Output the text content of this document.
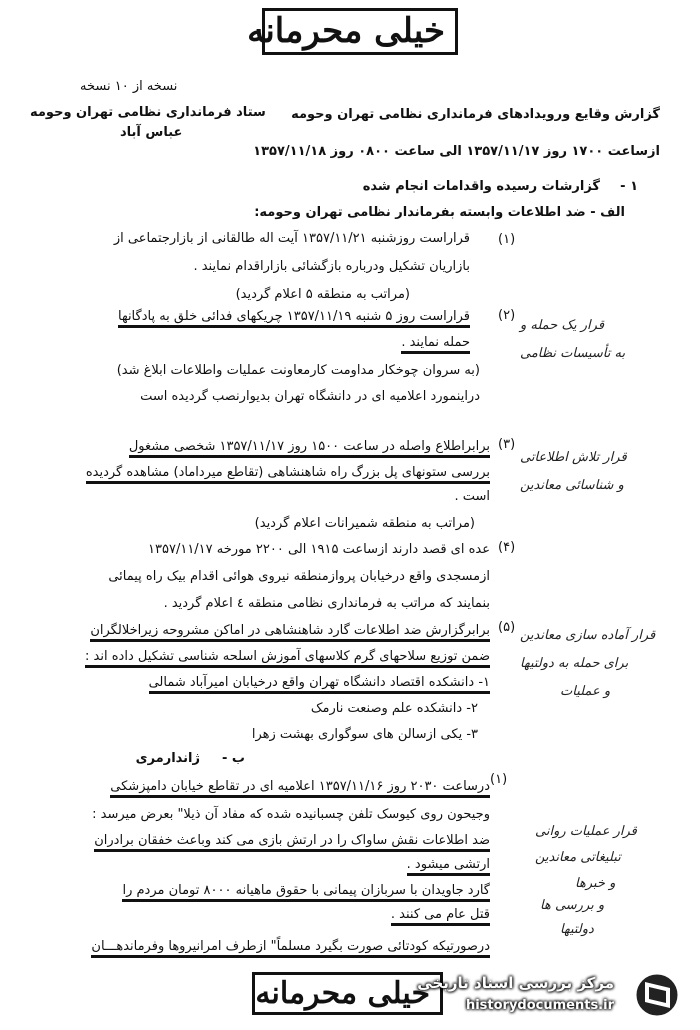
خیلی محرمانه
نسخه از ۱۰ نسخه
ستاد فرمانداری نظامی تهران وحومه
عباس آباد
گزارش وقایع ورویدادهای فرمانداری نظامی تهران وحومه
ازساعت ۱۷۰۰ روز ۱۳۵۷/۱۱/۱۷ الی ساعت ۰۸۰۰ روز ۱۳۵۷/۱۱/۱۸
۱ -
گزارشات رسیده واقدامات انجام شده
الف - ضد اطلاعات وابسته بفرماندار نظامی تهران وحومه:
(۱)
قراراست روزشنبه ۱۳۵۷/۱۱/۲۱ آیت اله طالقانی از بازارجتماعی از
بازاریان تشکیل ودرباره بازگشائی بازاراقدام نمایند .
(مراتب به منطقه ۵ اعلام گردید)
(۲)
قراراست روز ۵ شنبه ۱۳۵۷/۱۱/۱۹ چریکهای فدائی خلق به پادگانها
حمله نمایند .
(به سروان چوخکار مداومت کارمعاونت عملیات واطلاعات ابلاغ شد)
دراینمورد اعلامیه ای در دانشگاه تهران بدیوارنصب گردیده است
(۳)
برابراطلاع واصله در ساعت ۱۵۰۰ روز ۱۳۵۷/۱۱/۱۷ شخصی مشغول
بررسی ستونهای پل بزرگ راه شاهنشاهی (تقاطع میرداماد) مشاهده گردیده
است .
(مراتب به منطقه شمیرانات اعلام گردید)
(۴)
عده ای قصد دارند ازساعت ۱۹۱۵ الی ۲۲۰۰ مورخه ۱۳۵۷/۱۱/۱۷
ازمسجدی واقع درخیابان پروازمنطقه نیروی هوائی اقدام بیک راه پیمائی
بنمایند که مراتب به فرمانداری نظامی منطقه ٤ اعلام گردید .
(۵)
برابرگزارش ضد اطلاعات گارد شاهنشاهی در اماکن مشروحه زیراخلالگران
ضمن توزیع سلاحهای گرم کلاسهای آموزش اسلحه شناسی تشکیل داده اند :
۱- دانشکده اقتصاد دانشگاه تهران واقع درخیابان امیرآباد شمالی
۲- دانشکده علم وصنعت نارمک
۳- یکی ازسالن های سوگواری بهشت زهرا
ب -
ژاندارمری
(۱)
درساعت ۲۰۳۰ روز ۱۳۵۷/۱۱/۱۶ اعلامیه ای در تقاطع خیابان دامپزشکی
وجیحون روی کیوسک تلفن چسبانیده شده که مفاد آن ذیلا" بعرض میرسد :
ضد اطلاعات نقش ساواک را در ارتش بازی می کند وباعث خفقان برادران
ارتشی میشود .
گارد جاویدان با سربازان پیمانی با حقوق ماهیانه ۸۰۰۰ تومان مردم را
قتل عام می کنند .
درصورتیکه کودتائی صورت بگیرد مسلماً" ازطرف امرانیروها وفرماندهـــان
قرار یک حمله و
به تأسیسات نظامی
قرار تلاش اطلاعاتی
و شناسائی معاندین
قرار آماده سازی معاندین
برای حمله به دولتیها
و عملیات
قرار عملیات روانی
تبلیغاتی معاندین
و خبرها
و بررسی ها
دولتیها
خیلی محرمانه
مرکز بررسی اسناد تاریخی
historydocuments.ir
